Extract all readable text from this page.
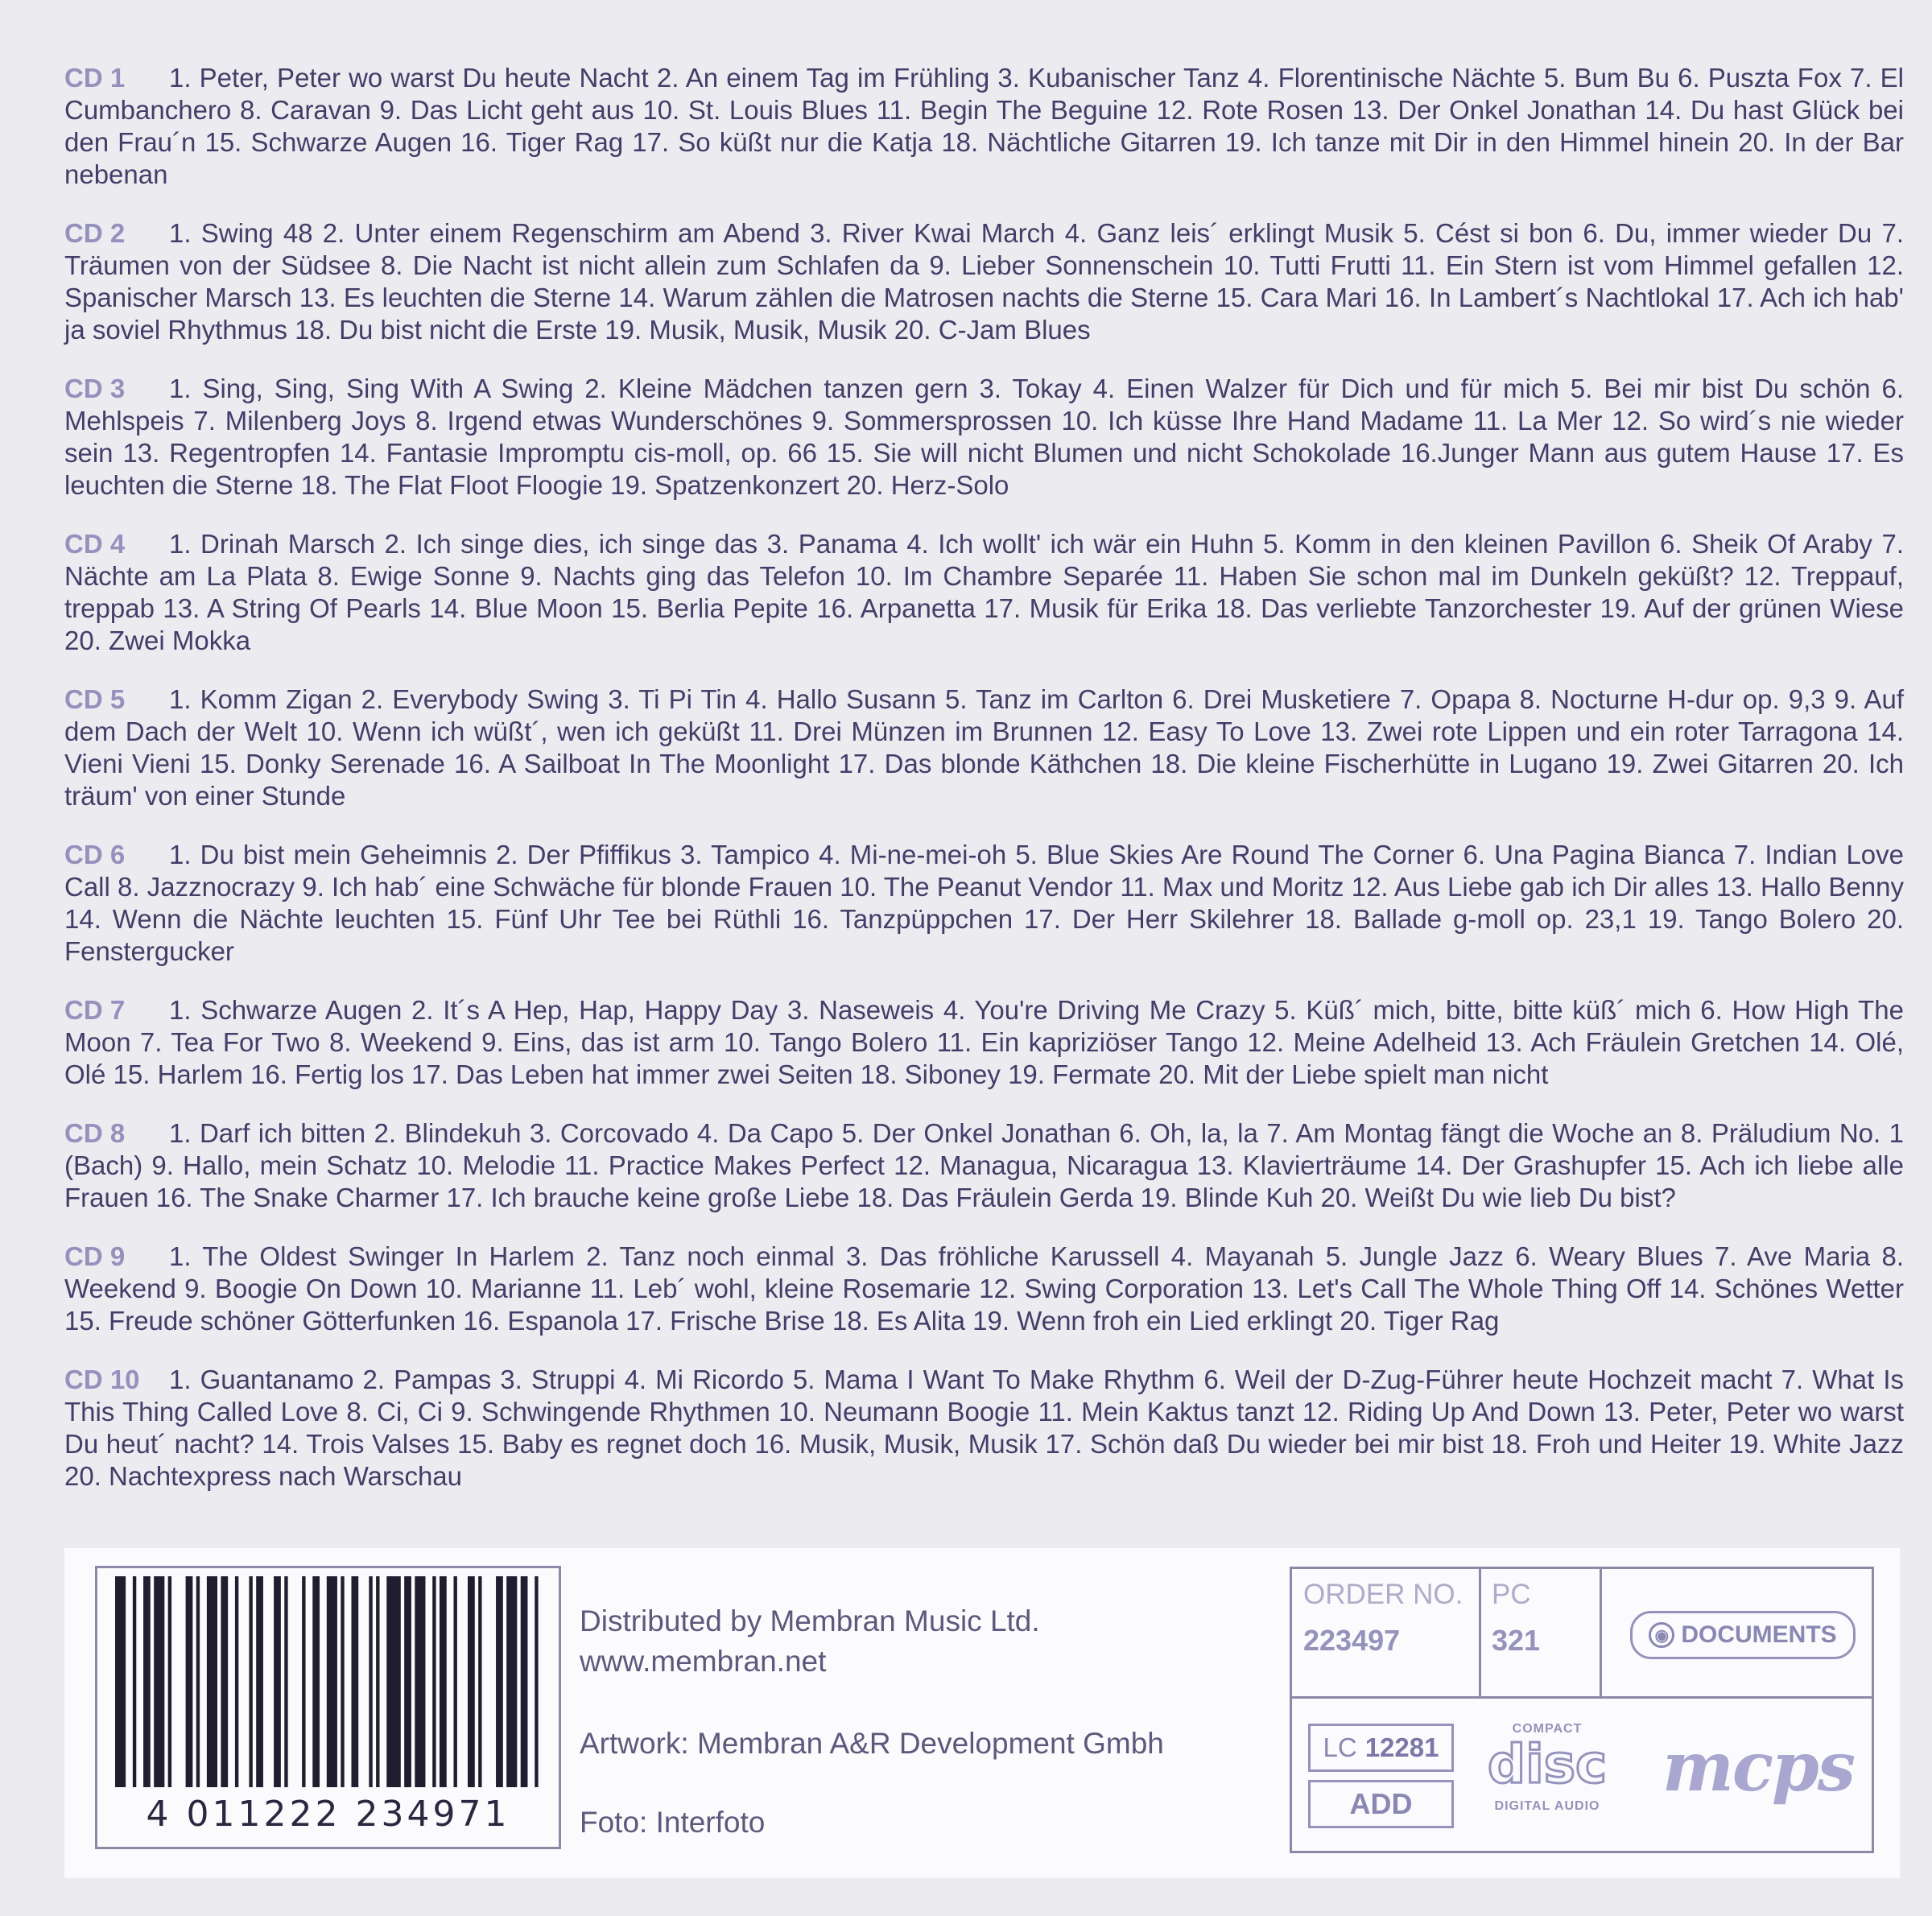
CD 1 1. Peter, Peter wo warst Du heute Nacht 2. An einem Tag im Frühling 3. Kubanischer Tanz 4. Florentinische Nächte 5. Bum Bu 6. Puszta Fox 7. El Cumbanchero 8. Caravan 9. Das Licht geht aus 10. St. Louis Blues 11. Begin The Beguine 12. Rote Rosen 13. Der Onkel Jonathan 14. Du hast Glück bei den Frau´n 15. Schwarze Augen 16. Tiger Rag 17. So küßt nur die Katja 18. Nächtliche Gitarren 19. Ich tanze mit Dir in den Himmel hinein 20. In der Bar nebenan

CD 2 1. Swing 48 2. Unter einem Regenschirm am Abend 3. River Kwai March 4. Ganz leis´ erklingt Musik 5. Cést si bon 6. Du, immer wieder Du 7. Träumen von der Südsee 8. Die Nacht ist nicht allein zum Schlafen da 9. Lieber Sonnenschein 10. Tutti Frutti 11. Ein Stern ist vom Himmel gefallen 12. Spanischer Marsch 13. Es leuchten die Sterne 14. Warum zählen die Matrosen nachts die Sterne 15. Cara Mari 16. In Lambert´s Nachtlokal 17. Ach ich hab' ja soviel Rhythmus 18. Du bist nicht die Erste 19. Musik, Musik, Musik 20. C-Jam Blues

CD 3 1. Sing, Sing, Sing With A Swing 2. Kleine Mädchen tanzen gern 3. Tokay 4. Einen Walzer für Dich und für mich 5. Bei mir bist Du schön 6. Mehlspeis 7. Milenberg Joys 8. Irgend etwas Wunderschönes 9. Sommersprossen 10. Ich küsse Ihre Hand Madame 11. La Mer 12. So wird´s nie wieder sein 13. Regentropfen 14. Fantasie Impromptu cis-moll, op. 66 15. Sie will nicht Blumen und nicht Schokolade 16.Junger Mann aus gutem Hause 17. Es leuchten die Sterne 18. The Flat Floot Floogie 19. Spatzenkonzert 20. Herz-Solo

CD 4 1. Drinah Marsch 2. Ich singe dies, ich singe das 3. Panama 4. Ich wollt' ich wär ein Huhn 5. Komm in den kleinen Pavillon 6. Sheik Of Araby 7. Nächte am La Plata 8. Ewige Sonne 9. Nachts ging das Telefon 10. Im Chambre Separée 11. Haben Sie schon mal im Dunkeln geküßt? 12. Treppauf, treppab 13. A String Of Pearls 14. Blue Moon 15. Berlia Pepite 16. Arpanetta 17. Musik für Erika 18. Das verliebte Tanzorchester 19. Auf der grünen Wiese 20. Zwei Mokka

CD 5 1. Komm Zigan 2. Everybody Swing 3. Ti Pi Tin 4. Hallo Susann 5. Tanz im Carlton 6. Drei Musketiere 7. Opapa 8. Nocturne H-dur op. 9,3 9. Auf dem Dach der Welt 10. Wenn ich wüßt´, wen ich geküßt 11. Drei Münzen im Brunnen 12. Easy To Love 13. Zwei rote Lippen und ein roter Tarragona 14. Vieni Vieni 15. Donky Serenade 16. A Sailboat In The Moonlight 17. Das blonde Käthchen 18. Die kleine Fischerhütte in Lugano 19. Zwei Gitarren 20. Ich träum' von einer Stunde

CD 6 1. Du bist mein Geheimnis 2. Der Pfiffikus 3. Tampico 4. Mi-ne-mei-oh 5. Blue Skies Are Round The Corner 6. Una Pagina Bianca 7. Indian Love Call 8. Jazznocrazy 9. Ich hab´ eine Schwäche für blonde Frauen 10. The Peanut Vendor 11. Max und Moritz 12. Aus Liebe gab ich Dir alles 13. Hallo Benny 14. Wenn die Nächte leuchten 15. Fünf Uhr Tee bei Rüthli 16. Tanzpüppchen 17. Der Herr Skilehrer 18. Ballade g-moll op. 23,1 19. Tango Bolero 20. Fenstergucker

CD 7 1. Schwarze Augen 2. It´s A Hep, Hap, Happy Day 3. Naseweis 4. You're Driving Me Crazy 5. Küß´ mich, bitte, bitte küß´ mich 6. How High The Moon 7. Tea For Two 8. Weekend 9. Eins, das ist arm 10. Tango Bolero 11. Ein kapriziöser Tango 12. Meine Adelheid 13. Ach Fräulein Gretchen 14. Olé, Olé 15. Harlem 16. Fertig los 17. Das Leben hat immer zwei Seiten 18. Siboney 19. Fermate 20. Mit der Liebe spielt man nicht

CD 8 1. Darf ich bitten 2. Blindekuh 3. Corcovado 4. Da Capo 5. Der Onkel Jonathan 6. Oh, la, la 7. Am Montag fängt die Woche an 8. Präludium No. 1 (Bach) 9. Hallo, mein Schatz 10. Melodie 11. Practice Makes Perfect 12. Managua, Nicaragua 13. Klavierträume 14. Der Grashupfer 15. Ach ich liebe alle Frauen 16. The Snake Charmer 17. Ich brauche keine große Liebe 18. Das Fräulein Gerda 19. Blinde Kuh 20. Weißt Du wie lieb Du bist?

CD 9 1. The Oldest Swinger In Harlem 2. Tanz noch einmal 3. Das fröhliche Karussell 4. Mayanah 5. Jungle Jazz 6. Weary Blues 7. Ave Maria 8. Weekend 9. Boogie On Down 10. Marianne 11. Leb´ wohl, kleine Rosemarie 12. Swing Corporation 13. Let's Call The Whole Thing Off 14. Schönes Wetter 15. Freude schöner Götterfunken 16. Espanola 17. Frische Brise 18. Es Alita 19. Wenn froh ein Lied erklingt 20. Tiger Rag

CD 10 1. Guantanamo 2. Pampas 3. Struppi 4. Mi Ricordo 5. Mama I Want To Make Rhythm 6. Weil der D-Zug-Führer heute Hochzeit macht 7. What Is This Thing Called Love 8. Ci, Ci 9. Schwingende Rhythmen 10. Neumann Boogie 11. Mein Kaktus tanzt 12. Riding Up And Down 13. Peter, Peter wo warst Du heut´ nacht? 14. Trois Valses 15. Baby es regnet doch 16. Musik, Musik, Musik 17. Schön daß Du wieder bei mir bist 18. Froh und Heiter 19. White Jazz 20. Nachtexpress nach Warschau

4 011222 234971
Distributed by Membran Music Ltd.
www.membran.net
Artwork: Membran A&R Development Gmbh
Foto: Interfoto
ORDER NO.
223497
PC
321	◉ DOCUMENTS
LC 12281
ADD
COMPACT
disc
DIGITAL AUDIO mcps
